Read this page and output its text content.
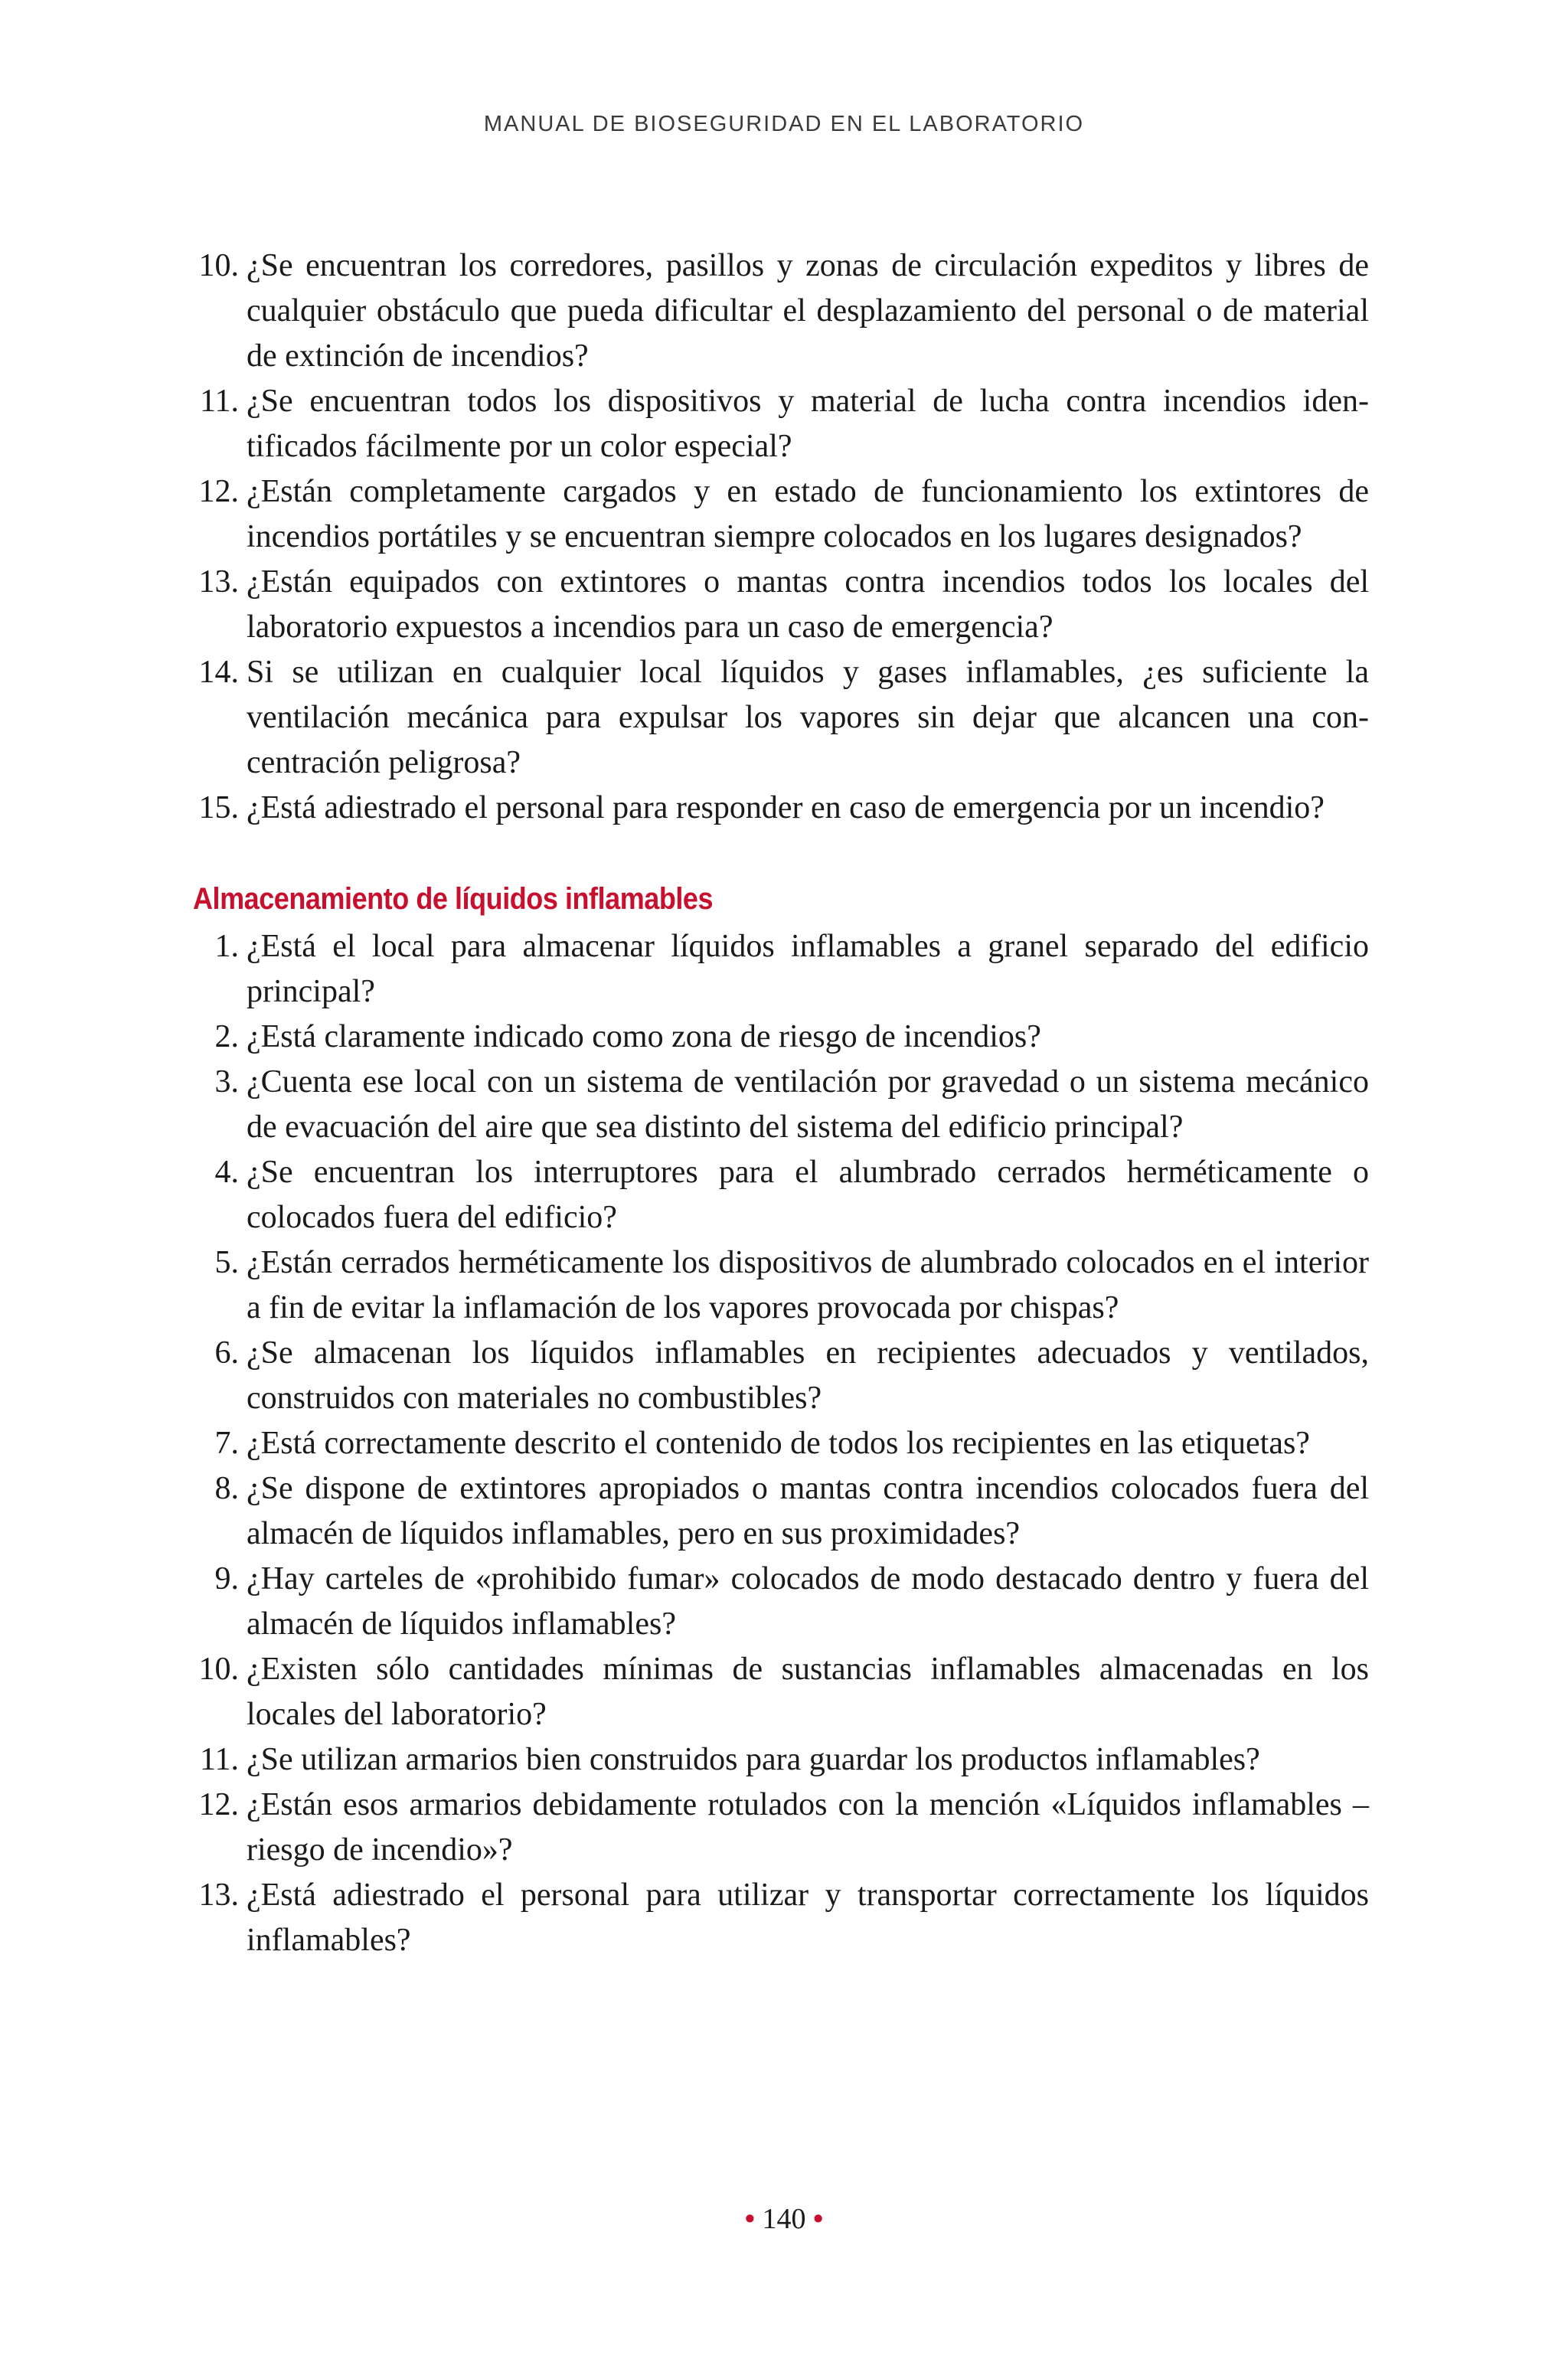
MANUAL DE BIOSEGURIDAD EN EL LABORATORIO
10. ¿Se encuentran los corredores, pasillos y zonas de circulación expeditos y libres de cualquier obstáculo que pueda dificultar el desplazamiento del personal o de material de extinción de incendios?
11. ¿Se encuentran todos los dispositivos y material de lucha contra incendios identificados fácilmente por un color especial?
12. ¿Están completamente cargados y en estado de funcionamiento los extintores de incendios portátiles y se encuentran siempre colocados en los lugares designados?
13. ¿Están equipados con extintores o mantas contra incendios todos los locales del laboratorio expuestos a incendios para un caso de emergencia?
14. Si se utilizan en cualquier local líquidos y gases inflamables, ¿es suficiente la ventilación mecánica para expulsar los vapores sin dejar que alcancen una concentración peligrosa?
15. ¿Está adiestrado el personal para responder en caso de emergencia por un incendio?
Almacenamiento de líquidos inflamables
1. ¿Está el local para almacenar líquidos inflamables a granel separado del edificio principal?
2. ¿Está claramente indicado como zona de riesgo de incendios?
3. ¿Cuenta ese local con un sistema de ventilación por gravedad o un sistema mecánico de evacuación del aire que sea distinto del sistema del edificio principal?
4. ¿Se encuentran los interruptores para el alumbrado cerrados herméticamente o colocados fuera del edificio?
5. ¿Están cerrados herméticamente los dispositivos de alumbrado colocados en el interior a fin de evitar la inflamación de los vapores provocada por chispas?
6. ¿Se almacenan los líquidos inflamables en recipientes adecuados y ventilados, construidos con materiales no combustibles?
7. ¿Está correctamente descrito el contenido de todos los recipientes en las etiquetas?
8. ¿Se dispone de extintores apropiados o mantas contra incendios colocados fuera del almacén de líquidos inflamables, pero en sus proximidades?
9. ¿Hay carteles de «prohibido fumar» colocados de modo destacado dentro y fuera del almacén de líquidos inflamables?
10. ¿Existen sólo cantidades mínimas de sustancias inflamables almacenadas en los locales del laboratorio?
11. ¿Se utilizan armarios bien construidos para guardar los productos inflamables?
12. ¿Están esos armarios debidamente rotulados con la mención «Líquidos inflamables – riesgo de incendio»?
13. ¿Está adiestrado el personal para utilizar y transportar correctamente los líquidos inflamables?
• 140 •
